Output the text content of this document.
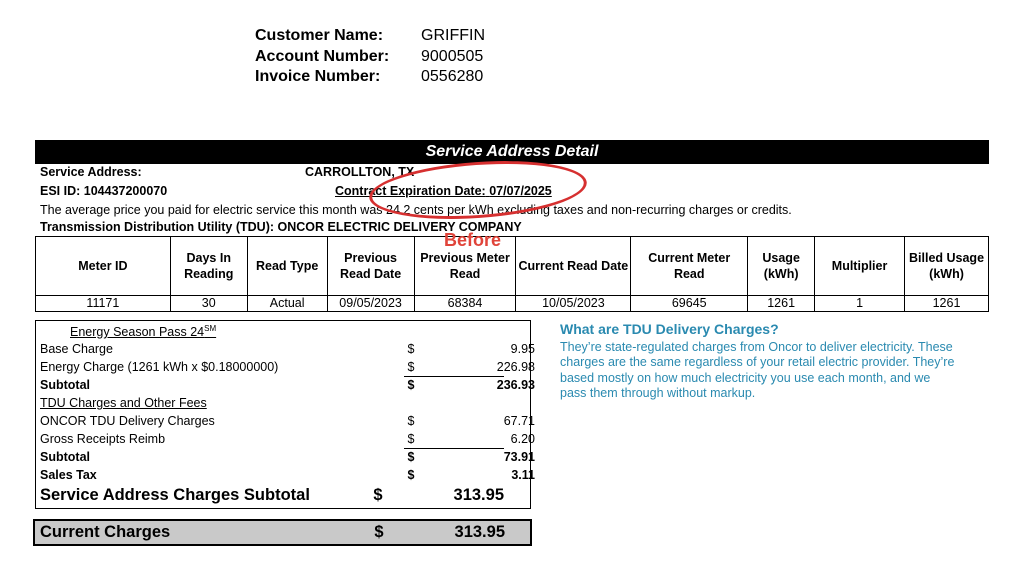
Customer Name:	GRIFFIN
Account Number:	9000505
Invoice Number:	0556280
Service Address Detail
Service Address:	CARROLLTON, TX
ESI ID: 104437200070	Contract Expiration Date: 07/07/2025
The average price you paid for electric service this month was 24.2 cents per kWh excluding taxes and non-recurring charges or credits.
Transmission Distribution Utility (TDU): ONCOR ELECTRIC DELIVERY COMPANY
Meter ID	Days In Reading	Read Type	Previous Read Date	Previous Meter Read	Current Read Date	Current Meter Read	Usage (kWh)	Multiplier	Billed Usage (kWh)
11171	30	Actual	09/05/2023	68384	10/05/2023	69645	1261	1	1261
Energy Season Pass 24℠
Base Charge	$	9.95
Energy Charge (1261 kWh x $0.18000000)	$	226.98
Subtotal	$	236.93
TDU Charges and Other Fees
ONCOR TDU Delivery Charges	$	67.71
Gross Receipts Reimb	$	6.20
Subtotal	$	73.91
Sales Tax	$	3.11
Service Address Charges Subtotal	$	313.95
Current Charges	$	313.95
What are TDU Delivery Charges?
They’re state-regulated charges from Oncor to deliver electricity. These charges are the same regardless of your retail electric provider. They’re based mostly on how much electricity you use each month, and we pass them through without markup.
Before
